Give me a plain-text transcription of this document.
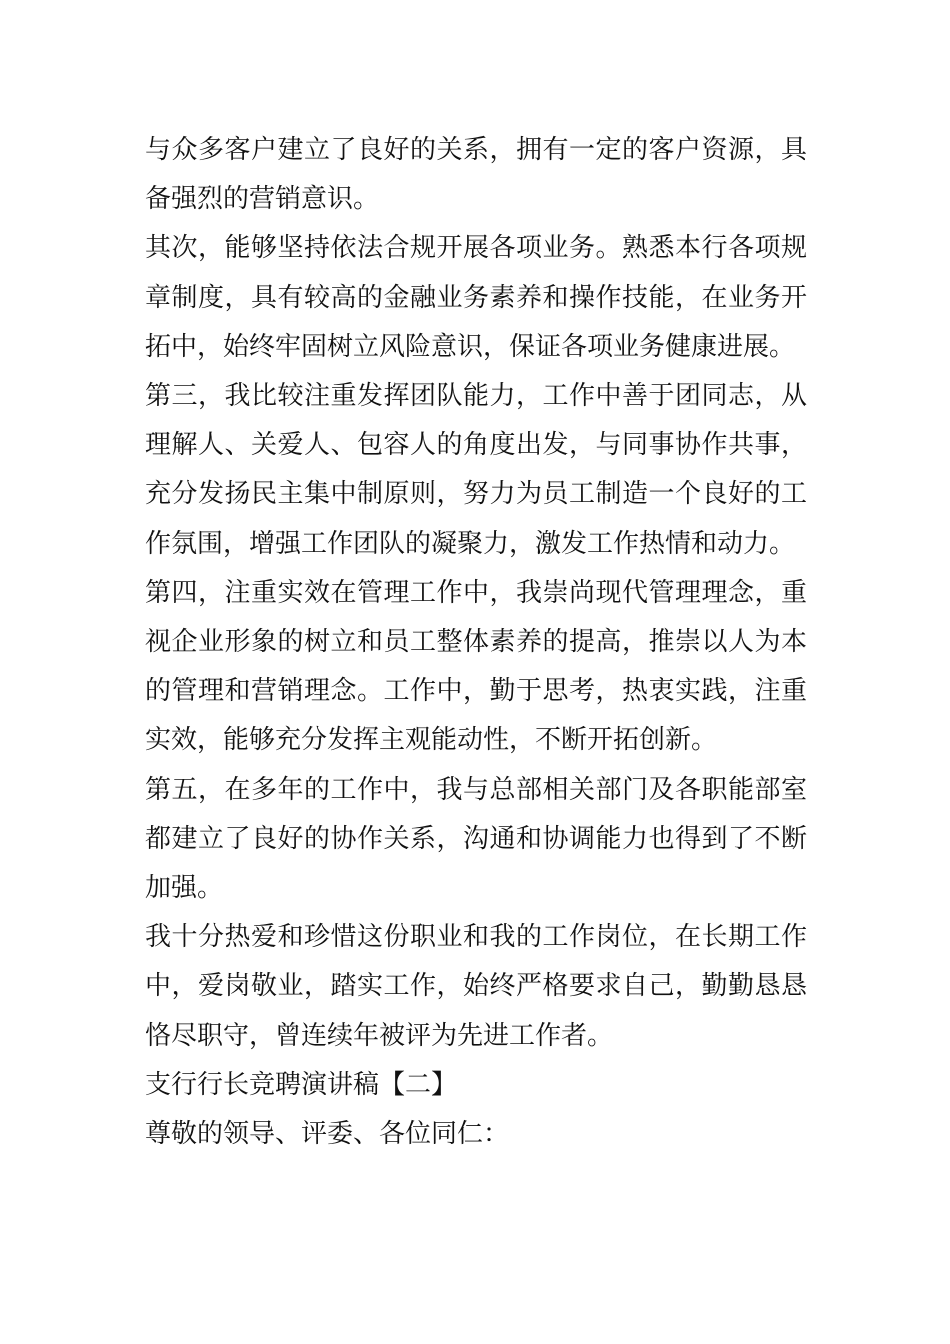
与众多客户建立了良好的关系，拥有一定的客户资源，具备强烈的营销意识。

其次，能够坚持依法合规开展各项业务。熟悉本行各项规章制度，具有较高的金融业务素养和操作技能，在业务开拓中，始终牢固树立风险意识，保证各项业务健康进展。

第三，我比较注重发挥团队能力，工作中善于团同志，从理解人、关爱人、包容人的角度出发，与同事协作共事，充分发扬民主集中制原则，努力为员工制造一个良好的工作氛围，增强工作团队的凝聚力，激发工作热情和动力。

第四，注重实效在管理工作中，我崇尚现代管理理念，重视企业形象的树立和员工整体素养的提高，推崇以人为本的管理和营销理念。工作中，勤于思考，热衷实践，注重实效，能够充分发挥主观能动性，不断开拓创新。

第五，在多年的工作中，我与总部相关部门及各职能部室都建立了良好的协作关系，沟通和协调能力也得到了不断加强。

我十分热爱和珍惜这份职业和我的工作岗位，在长期工作中，爱岗敬业，踏实工作，始终严格要求自己，勤勤恳恳恪尽职守，曾连续年被评为先进工作者。

支行行长竞聘演讲稿【二】

尊敬的领导、评委、各位同仁：
